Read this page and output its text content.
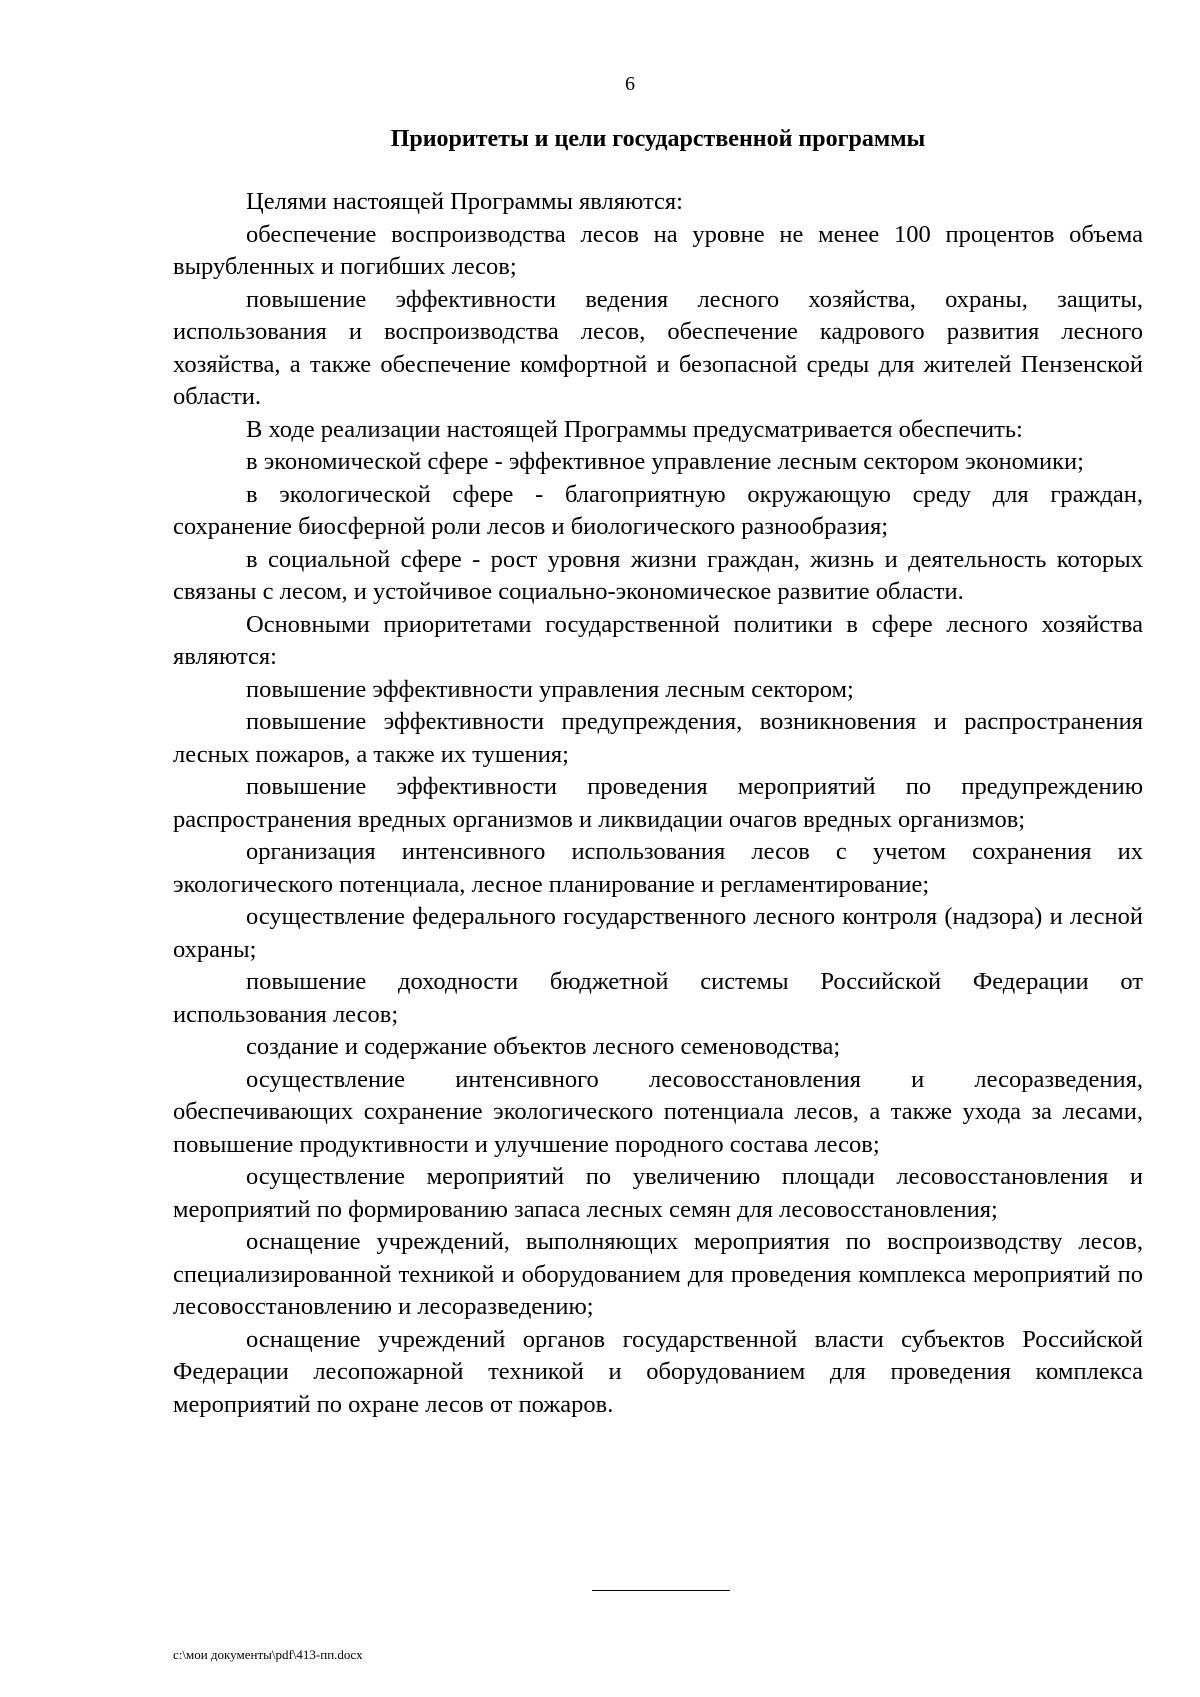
6
Приоритеты и цели государственной программы

Целями настоящей Программы являются:

обеспечение воспроизводства лесов на уровне не менее 100 процентов объема вырубленных и погибших лесов;

повышение эффективности ведения лесного хозяйства, охраны, защиты, использования и воспроизводства лесов, обеспечение кадрового развития лесного хозяйства, а также обеспечение комфортной и безопасной среды для жителей Пензенской области.

В ходе реализации настоящей Программы предусматривается обеспечить:

в экономической сфере - эффективное управление лесным сектором экономики;

в экологической сфере - благоприятную окружающую среду для граждан, сохранение биосферной роли лесов и биологического разнообразия;

в социальной сфере - рост уровня жизни граждан, жизнь и деятельность которых связаны с лесом, и устойчивое социально-экономическое развитие области.

Основными приоритетами государственной политики в сфере лесного хозяйства являются:

повышение эффективности управления лесным сектором;

повышение эффективности предупреждения, возникновения и распространения лесных пожаров, а также их тушения;

повышение эффективности проведения мероприятий по предупреждению распространения вредных организмов и ликвидации очагов вредных организмов;

организация интенсивного использования лесов с учетом сохранения их экологического потенциала, лесное планирование и регламентирование;

осуществление федерального государственного лесного контроля (надзора) и лесной охраны;

повышение доходности бюджетной системы Российской Федерации от использования лесов;

создание и содержание объектов лесного семеноводства;

осуществление интенсивного лесовосстановления и лесоразведения, обеспечивающих сохранение экологического потенциала лесов, а также ухода за лесами, повышение продуктивности и улучшение породного состава лесов;

осуществление мероприятий по увеличению площади лесовосстановления и мероприятий по формированию запаса лесных семян для лесовосстановления;

оснащение учреждений, выполняющих мероприятия по воспроизводству лесов, специализированной техникой и оборудованием для проведения комплекса мероприятий по лесовосстановлению и лесоразведению;

оснащение учреждений органов государственной власти субъектов Российской Федерации лесопожарной техникой и оборудованием для проведения комплекса мероприятий по охране лесов от пожаров.

c:\мои документы\pdf\413-пп.docx
